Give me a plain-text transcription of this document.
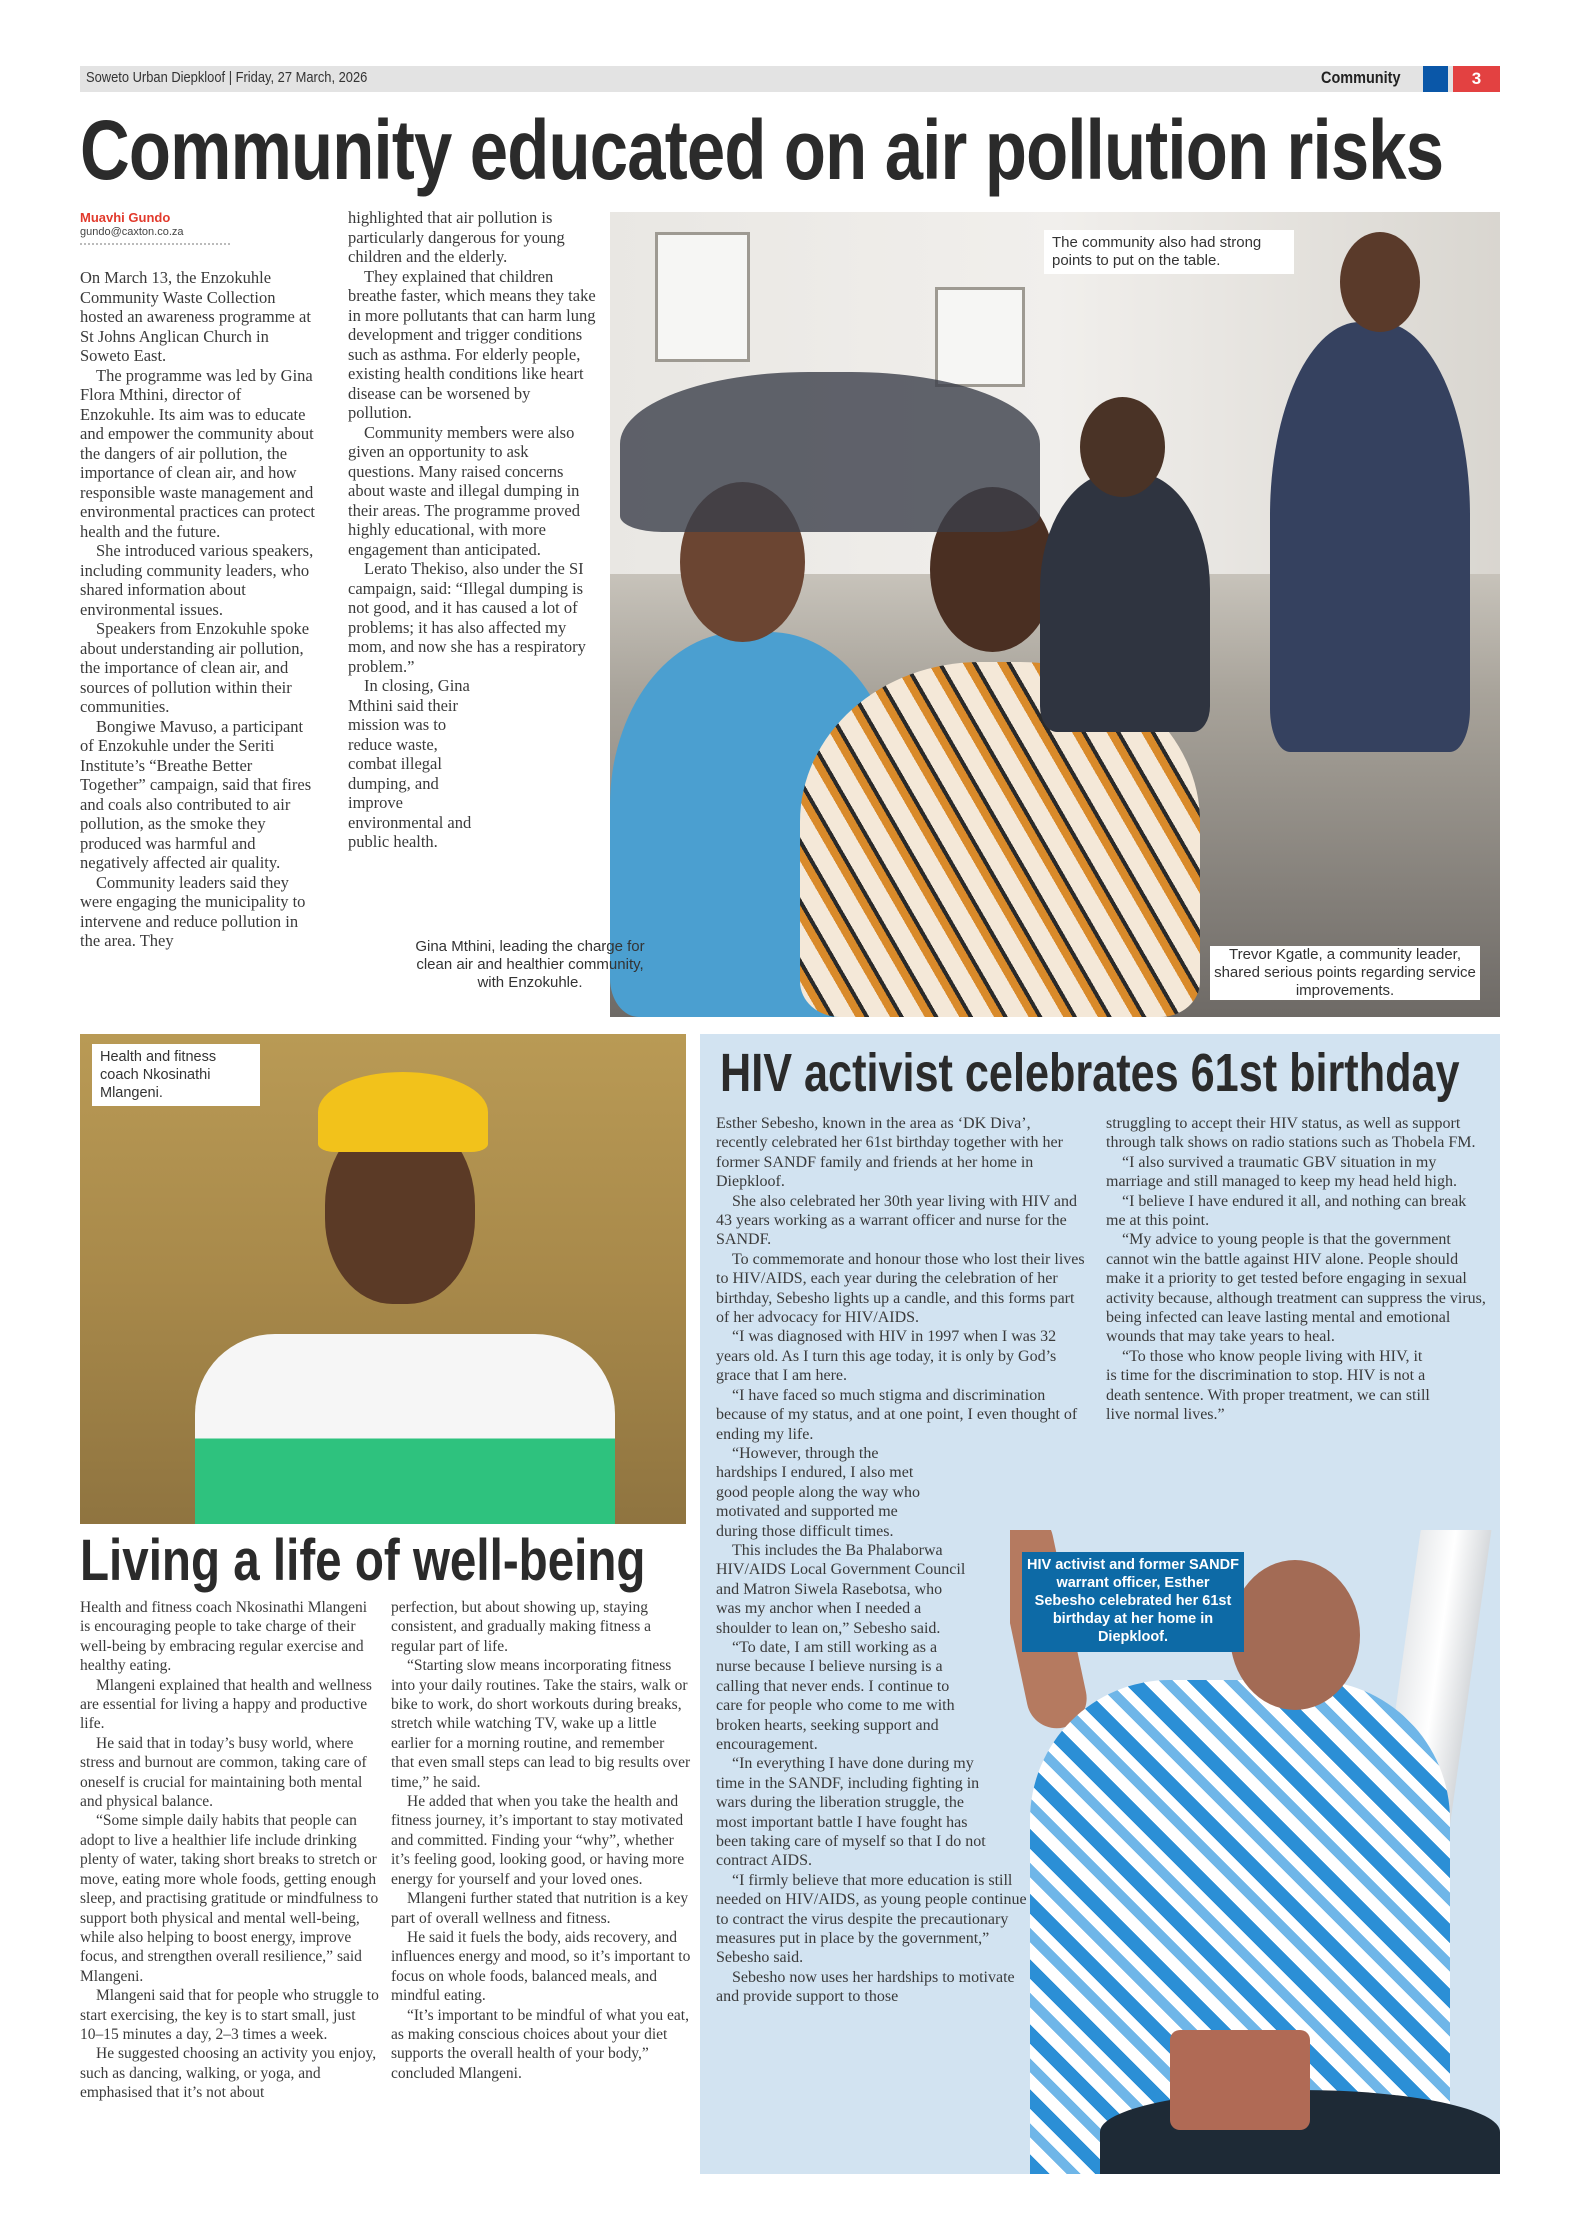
Soweto Urban Diepkloof | Friday, 27 March, 2026	Community	3
Community educated on air pollution risks
Muavhi Gundo
gundo@caxton.co.za

On March 13, the Enzokuhle Community Waste Collection hosted an awareness programme at St Johns Anglican Church in Soweto East.

The programme was led by Gina Flora Mthini, director of Enzokuhle. Its aim was to educate and empower the community about the dangers of air pollution, the importance of clean air, and how responsible waste management and environmental practices can protect health and the future.

She introduced various speakers, including community leaders, who shared information about environmental issues.

Speakers from Enzokuhle spoke about understanding air pollution, the importance of clean air, and sources of pollution within their communities.

Bongiwe Mavuso, a participant of Enzokuhle under the Seriti Institute’s “Breathe Better Together” campaign, said that fires and coals also contributed to air pollution, as the smoke they produced was harmful and negatively affected air quality.

Community leaders said they were engaging the municipality to intervene and reduce pollution in the area. They

highlighted that air pollution is particularly dangerous for young children and the elderly.

They explained that children breathe faster, which means they take in more pollutants that can harm lung development and trigger conditions such as asthma. For elderly people, existing health conditions like heart disease can be worsened by pollution.

Community members were also given an opportunity to ask questions. Many raised concerns about waste and illegal dumping in their areas. The programme proved highly educational, with more engagement than anticipated.

Lerato Thekiso, also under the SI campaign, said: “Illegal dumping is not good, and it has caused a lot of problems; it has also affected my mom, and now she has a respiratory problem.”

In closing, Gina Mthini said their mission was to reduce waste, combat illegal dumping, and improve environmental and public health.

The community also had strong points to put on the table.
Gina Mthini, leading the charge for clean air and healthier community, with Enzokuhle.
Trevor Kgatle, a community leader, shared serious points regarding service improvements.
Health and fitness coach Nkosinathi Mlangeni.
Living a life of well-being

Health and fitness coach Nkosinathi Mlangeni is encouraging people to take charge of their well-being by embracing regular exercise and healthy eating.

Mlangeni explained that health and wellness are essential for living a happy and productive life.

He said that in today’s busy world, where stress and burnout are common, taking care of oneself is crucial for maintaining both mental and physical balance.

“Some simple daily habits that people can adopt to live a healthier life include drinking plenty of water, taking short breaks to stretch or move, eating more whole foods, getting enough sleep, and practising gratitude or mindfulness to support both physical and mental well-being, while also helping to boost energy, improve focus, and strengthen overall resilience,” said Mlangeni.

Mlangeni said that for people who struggle to start exercising, the key is to start small, just 10–15 minutes a day, 2–3 times a week.

He suggested choosing an activity you enjoy, such as dancing, walking, or yoga, and emphasised that it’s not about

perfection, but about showing up, staying consistent, and gradually making fitness a regular part of life.

“Starting slow means incorporating fitness into your daily routines. Take the stairs, walk or bike to work, do short workouts during breaks, stretch while watching TV, wake up a little earlier for a morning routine, and remember that even small steps can lead to big results over time,” he said.

He added that when you take the health and fitness journey, it’s important to stay motivated and committed. Finding your “why”, whether it’s feeling good, looking good, or having more energy for yourself and your loved ones.

Mlangeni further stated that nutrition is a key part of overall wellness and fitness.

He said it fuels the body, aids recovery, and influences energy and mood, so it’s important to focus on whole foods, balanced meals, and mindful eating.

“It’s important to be mindful of what you eat, as making conscious choices about your diet supports the overall health of your body,” concluded Mlangeni.

HIV activist celebrates 61st birthday

Esther Sebesho, known in the area as ‘DK Diva’, recently celebrated her 61st birthday together with her former SANDF family and friends at her home in Diepkloof.

She also celebrated her 30th year living with HIV and 43 years working as a warrant officer and nurse for the SANDF.

To commemorate and honour those who lost their lives to HIV/AIDS, each year during the celebration of her birthday, Sebesho lights up a candle, and this forms part of her advocacy for HIV/AIDS.

“I was diagnosed with HIV in 1997 when I was 32 years old. As I turn this age today, it is only by God’s grace that I am here.

“I have faced so much stigma and discrimination because of my status, and at one point, I even thought of ending my life.

“However, through the hardships I endured, I also met good people along the way who motivated and supported me during those difficult times.

This includes the Ba Phalaborwa HIV/AIDS Local Government Council and Matron Siwela Rasebotsa, who was my anchor when I needed a shoulder to lean on,” Sebesho said.

“To date, I am still working as a nurse because I believe nursing is a calling that never ends. I continue to care for people who come to me with broken hearts, seeking support and encouragement.

“In everything I have done during my time in the SANDF, including fighting in wars during the liberation struggle, the most important battle I have fought has been taking care of myself so that I do not contract AIDS.

“I firmly believe that more education is still needed on HIV/AIDS, as young people continue to contract the virus despite the precautionary measures put in place by the government,” Sebesho said.

Sebesho now uses her hardships to motivate and provide support to those

struggling to accept their HIV status, as well as support through talk shows on radio stations such as Thobela FM.

“I also survived a traumatic GBV situation in my marriage and still managed to keep my head held high.

“I believe I have endured it all, and nothing can break me at this point.

“My advice to young people is that the government cannot win the battle against HIV alone. People should make it a priority to get tested before engaging in sexual activity because, although treatment can suppress the virus, being infected can leave lasting mental and emotional wounds that may take years to heal.

“To those who know people living with HIV, it is time for the discrimination to stop. HIV is not a death sentence. With proper treatment, we can still live normal lives.”

HIV activist and former SANDF warrant officer, Esther Sebesho celebrated her 61st birthday at her home in Diepkloof.
